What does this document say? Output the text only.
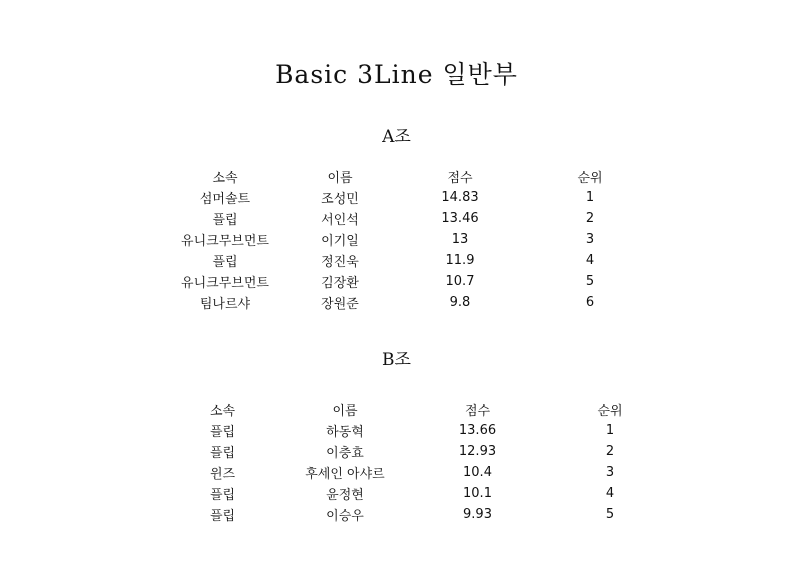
Basic 3Line 일반부
A조
소속	이름	점수	순위
섬머솔트	조성민	14.83	1
플립	서인석	13.46	2
유니크무브먼트	이기일	13	3
플립	정진욱	11.9	4
유니크무브먼트	김장환	10.7	5
팀나르샤	장원준	9.8	6
B조
소속	이름	점수	순위
플립	하동혁	13.66	1
플립	이충효	12.93	2
윈즈	후세인 아샤르	10.4	3
플립	윤정현	10.1	4
플립	이승우	9.93	5
